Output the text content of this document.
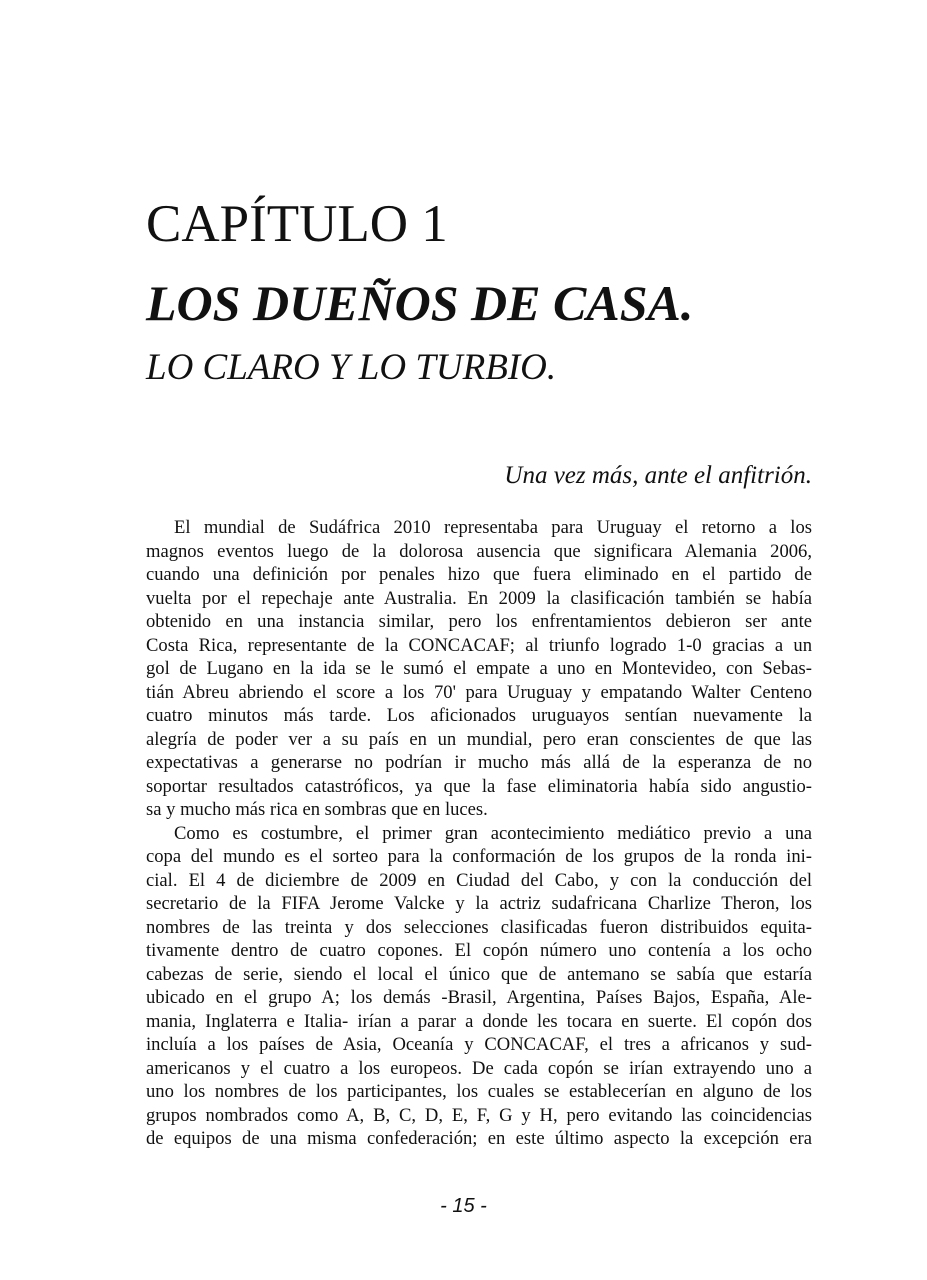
CAPÍTULO 1
LOS DUEÑOS DE CASA.
LO CLARO Y LO TURBIO.
Una vez más, ante el anfitrión.
El mundial de Sudáfrica 2010 representaba para Uruguay el retorno a los
magnos eventos luego de la dolorosa ausencia que significara Alemania 2006,
cuando una definición por penales hizo que fuera eliminado en el partido de
vuelta por el repechaje ante Australia. En 2009 la clasificación también se había
obtenido en una instancia similar, pero los enfrentamientos debieron ser ante
Costa Rica, representante de la CONCACAF; al triunfo logrado 1-0 gracias a un
gol de Lugano en la ida se le sumó el empate a uno en Montevideo, con Sebas-
tián Abreu abriendo el score a los 70' para Uruguay y empatando Walter Centeno
cuatro minutos más tarde. Los aficionados uruguayos sentían nuevamente la
alegría de poder ver a su país en un mundial, pero eran conscientes de que las
expectativas a generarse no podrían ir mucho más allá de la esperanza de no
soportar resultados catastróficos, ya que la fase eliminatoria había sido angustio-
sa y mucho más rica en sombras que en luces.
Como es costumbre, el primer gran acontecimiento mediático previo a una
copa del mundo es el sorteo para la conformación de los grupos de la ronda ini-
cial. El 4 de diciembre de 2009 en Ciudad del Cabo, y con la conducción del
secretario de la FIFA Jerome Valcke y la actriz sudafricana Charlize Theron, los
nombres de las treinta y dos selecciones clasificadas fueron distribuidos equita-
tivamente dentro de cuatro copones. El copón número uno contenía a los ocho
cabezas de serie, siendo el local el único que de antemano se sabía que estaría
ubicado en el grupo A; los demás -Brasil, Argentina, Países Bajos, España, Ale-
mania, Inglaterra e Italia- irían a parar a donde les tocara en suerte. El copón dos
incluía a los países de Asia, Oceanía y CONCACAF, el tres a africanos y sud-
americanos y el cuatro a los europeos. De cada copón se irían extrayendo uno a
uno los nombres de los participantes, los cuales se establecerían en alguno de los
grupos nombrados como A, B, C, D, E, F, G y H, pero evitando las coincidencias
de equipos de una misma confederación; en este último aspecto la excepción era
- 15 -
